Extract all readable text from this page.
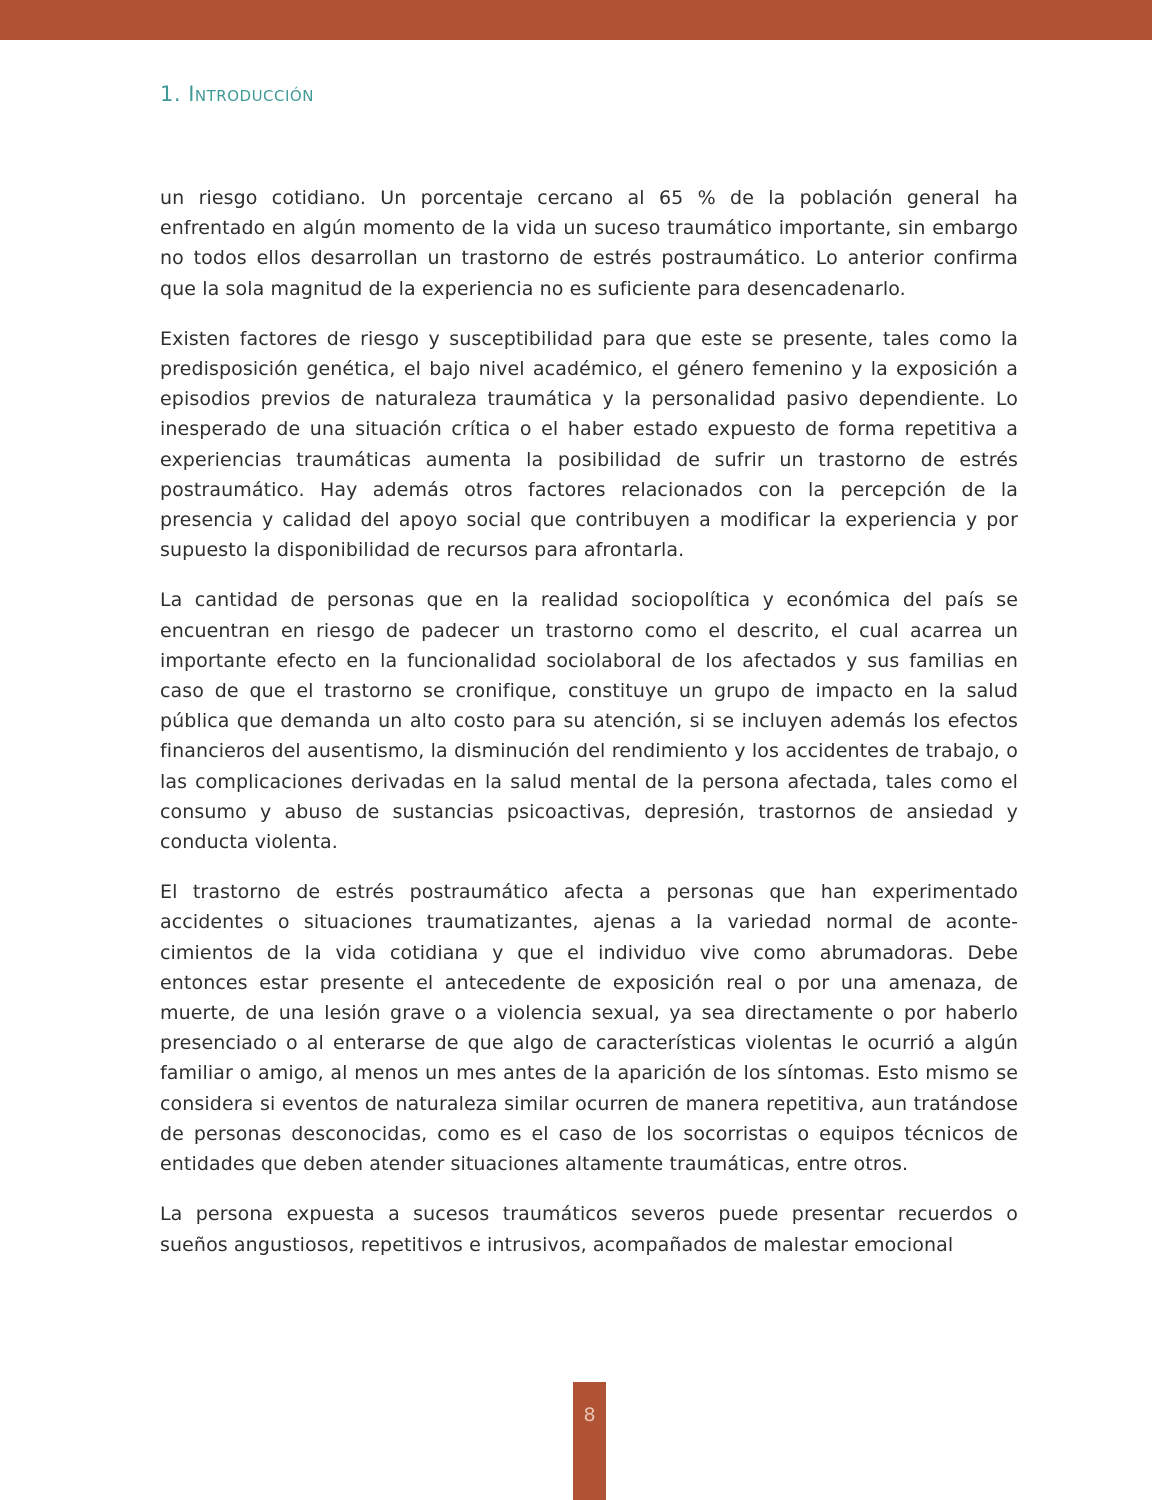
1. Introducción

un riesgo cotidiano. Un porcentaje cercano al 65 % de la población general ha enfrentado en algún momento de la vida un suceso traumático importante, sin embargo no todos ellos desarrollan un trastorno de estrés postraumático. Lo anterior confirma que la sola magnitud de la experiencia no es suficiente para desencadenarlo.

Existen factores de riesgo y susceptibilidad para que este se presente, tales como la predisposición genética, el bajo nivel académico, el género femenino y la exposición a episodios previos de naturaleza traumática y la personalidad pasivo dependiente. Lo inesperado de una situación crítica o el haber estado expuesto de forma repetitiva a experiencias traumáticas aumenta la posibilidad de sufrir un trastorno de estrés postraumático. Hay además otros factores relacionados con la percepción de la presencia y calidad del apoyo social que contribuyen a modificar la experiencia y por supuesto la disponibilidad de recursos para afrontarla.

La cantidad de personas que en la realidad sociopolítica y económica del país se encuentran en riesgo de padecer un trastorno como el descrito, el cual acarrea un importante efecto en la funcionalidad sociolaboral de los afectados y sus familias en caso de que el trastorno se cronifique, constituye un grupo de impacto en la salud pública que demanda un alto costo para su atención, si se incluyen además los efectos financieros del ausentismo, la disminución del rendimiento y los accidentes de trabajo, o las complicaciones derivadas en la salud mental de la persona afectada, tales como el consumo y abuso de sustancias psicoactivas, depresión, trastornos de ansiedad y conducta violenta.

El trastorno de estrés postraumático afecta a personas que han experimentado accidentes o situaciones traumatizantes, ajenas a la variedad normal de acontecimientos de la vida cotidiana y que el individuo vive como abrumadoras. Debe entonces estar presente el antecedente de exposición real o por una amenaza, de muerte, de una lesión grave o a violencia sexual, ya sea directamente o por haberlo presenciado o al enterarse de que algo de características violentas le ocurrió a algún familiar o amigo, al menos un mes antes de la aparición de los síntomas. Esto mismo se considera si eventos de naturaleza similar ocurren de manera repetitiva, aun tratándose de personas desconocidas, como es el caso de los socorristas o equipos técnicos de entidades que deben atender situaciones altamente traumáticas, entre otros.

La persona expuesta a sucesos traumáticos severos puede presentar recuerdos o sueños angustiosos, repetitivos e intrusivos, acompañados de malestar emocional

8
